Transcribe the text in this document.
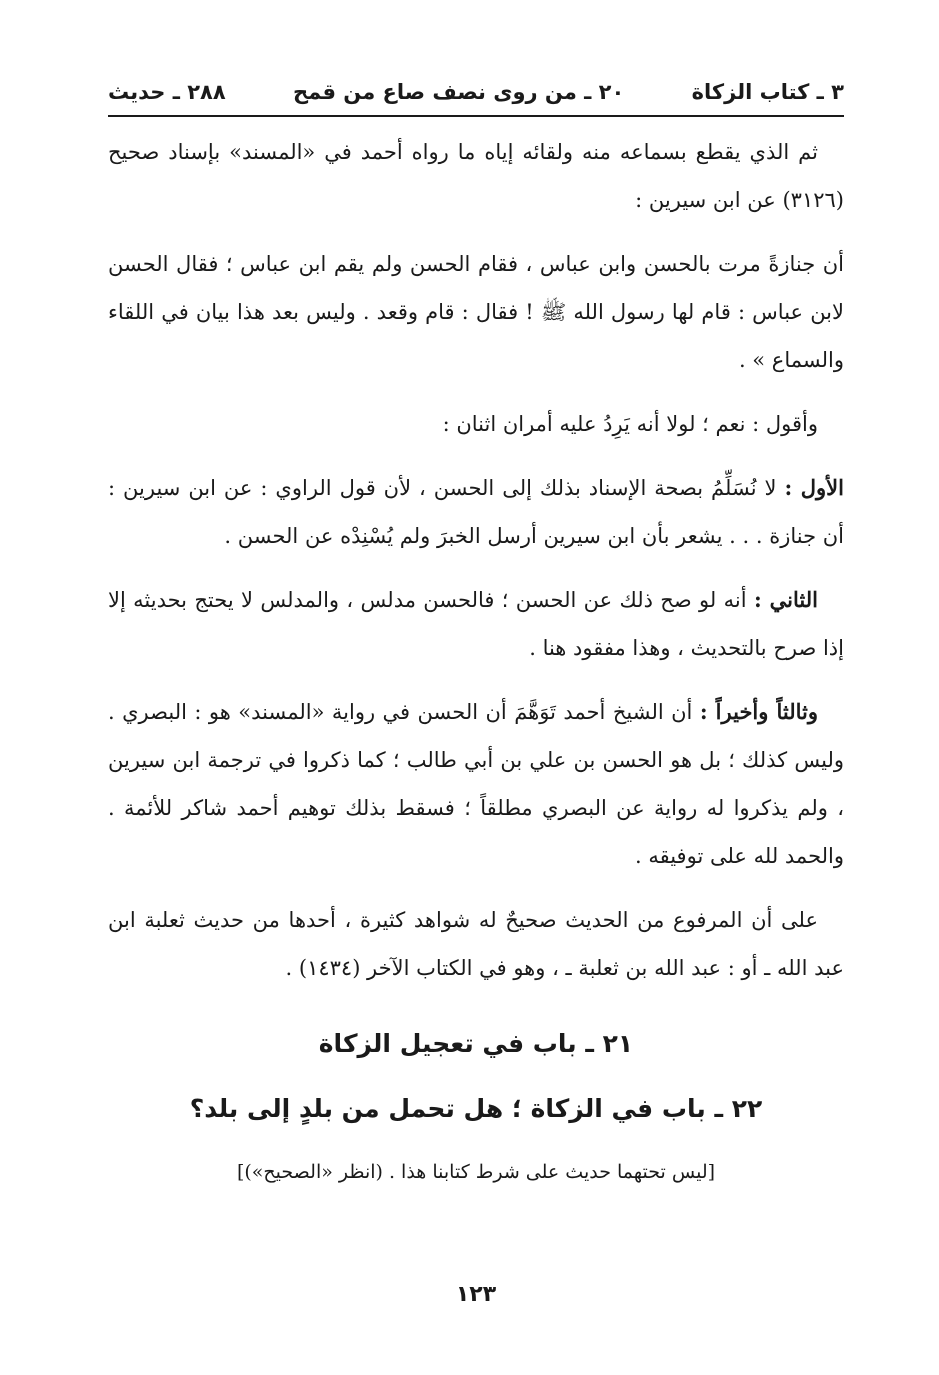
٣ ـ كتاب الزكاة
٢٠ ـ من روى نصف صاع من قمح
٢٨٨ ـ حديث

ثم الذي يقطع بسماعه منه ولقائه إياه ما رواه أحمد في «المسند» بإسناد صحيح (٣١٢٦) عن ابن سيرين :

أن جنازةً مرت بالحسن وابن عباس ، فقام الحسن ولم يقم ابن عباس ؛ فقال الحسن لابن عباس : قام لها رسول الله ﷺ ! فقال : قام وقعد . وليس بعد هذا بيان في اللقاء والسماع » .

وأقول : نعم ؛ لولا أنه يَرِدُ عليه أمران اثنان :

الأول : لا نُسَلِّمُ بصحة الإسناد بذلك إلى الحسن ، لأن قول الراوي : عن ابن سيرين : أن جنازة . . . يشعر بأن ابن سيرين أرسل الخبرَ ولم يُسْنِدْه عن الحسن .

الثاني : أنه لو صح ذلك عن الحسن ؛ فالحسن مدلس ، والمدلس لا يحتج بحديثه إلا إذا صرح بالتحديث ، وهذا مفقود هنا .

وثالثاً وأخيراً : أن الشيخ أحمد تَوَهَّمَ أن الحسن في رواية «المسند» هو : البصري . وليس كذلك ؛ بل هو الحسن بن علي بن أبي طالب ؛ كما ذكروا في ترجمة ابن سيرين ، ولم يذكروا له رواية عن البصري مطلقاً ؛ فسقط بذلك توهيم أحمد شاكر للأئمة . والحمد لله على توفيقه .

على أن المرفوع من الحديث صحيحٌ له شواهد كثيرة ، أحدها من حديث ثعلبة ابن عبد الله ـ أو : عبد الله بن ثعلبة ـ ، وهو في الكتاب الآخر (١٤٣٤) .

٢١ ـ باب في تعجيل الزكاة
٢٢ ـ باب في الزكاة ؛ هل تحمل من بلدٍ إلى بلد؟
[ليس تحتهما حديث على شرط كتابنا هذا . (انظر «الصحيح»)]
١٢٣
